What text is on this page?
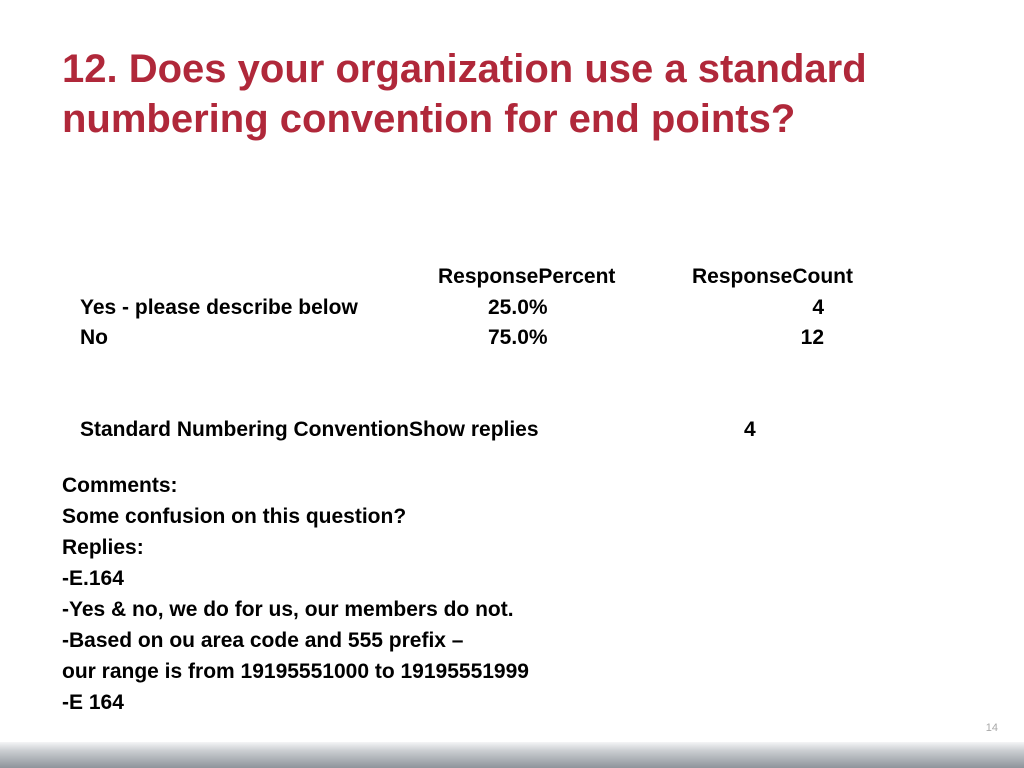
12. Does your organization use a standard
numbering convention for end points?
ResponsePercent	ResponseCount
Yes - please describe below	25.0%	4
No	75.0%	12
Standard Numbering ConventionShow replies	4
Comments:
Some confusion on this question?
Replies:
-E.164
-Yes & no, we do for us, our members do not.
-Based on ou area code and 555 prefix –
our range is from 19195551000 to 19195551999
-E 164
14
